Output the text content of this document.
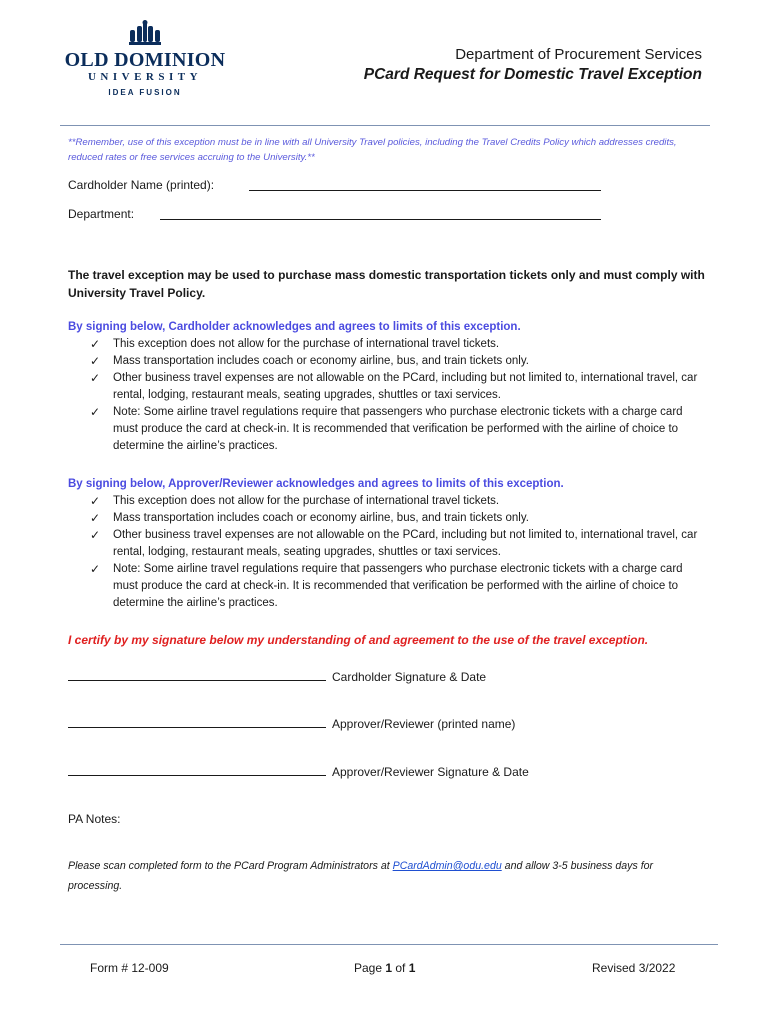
OLD DOMINION
UNIVERSITY
IDEA FUSION
Department of Procurement Services
PCard Request for Domestic Travel Exception
**Remember, use of this exception must be in line with all University Travel policies, including the Travel Credits Policy which addresses credits, reduced rates or free services accruing to the University.**
Cardholder Name (printed):
Department:
The travel exception may be used to purchase mass domestic transportation tickets only and must comply with University Travel Policy.
By signing below, Cardholder acknowledges and agrees to limits of this exception.
✓ This exception does not allow for the purchase of international travel tickets.
✓ Mass transportation includes coach or economy airline, bus, and train tickets only.
✓ Other business travel expenses are not allowable on the PCard, including but not limited to, international travel, car rental, lodging, restaurant meals, seating upgrades, shuttles or taxi services.
✓ Note: Some airline travel regulations require that passengers who purchase electronic tickets with a charge card must produce the card at check-in. It is recommended that verification be performed with the airline of choice to determine the airline’s practices.
By signing below, Approver/Reviewer acknowledges and agrees to limits of this exception.
✓ This exception does not allow for the purchase of international travel tickets.
✓ Mass transportation includes coach or economy airline, bus, and train tickets only.
✓ Other business travel expenses are not allowable on the PCard, including but not limited to, international travel, car rental, lodging, restaurant meals, seating upgrades, shuttles or taxi services.
✓ Note: Some airline travel regulations require that passengers who purchase electronic tickets with a charge card must produce the card at check-in. It is recommended that verification be performed with the airline of choice to determine the airline’s practices.
I certify by my signature below my understanding of and agreement to the use of the travel exception.
Cardholder Signature & Date
Approver/Reviewer (printed name)
Approver/Reviewer Signature & Date
PA Notes:
Please scan completed form to the PCard Program Administrators at PCardAdmin@odu.edu and allow 3-5 business days for processing.
Form # 12-009	Page 1 of 1	Revised 3/2022
